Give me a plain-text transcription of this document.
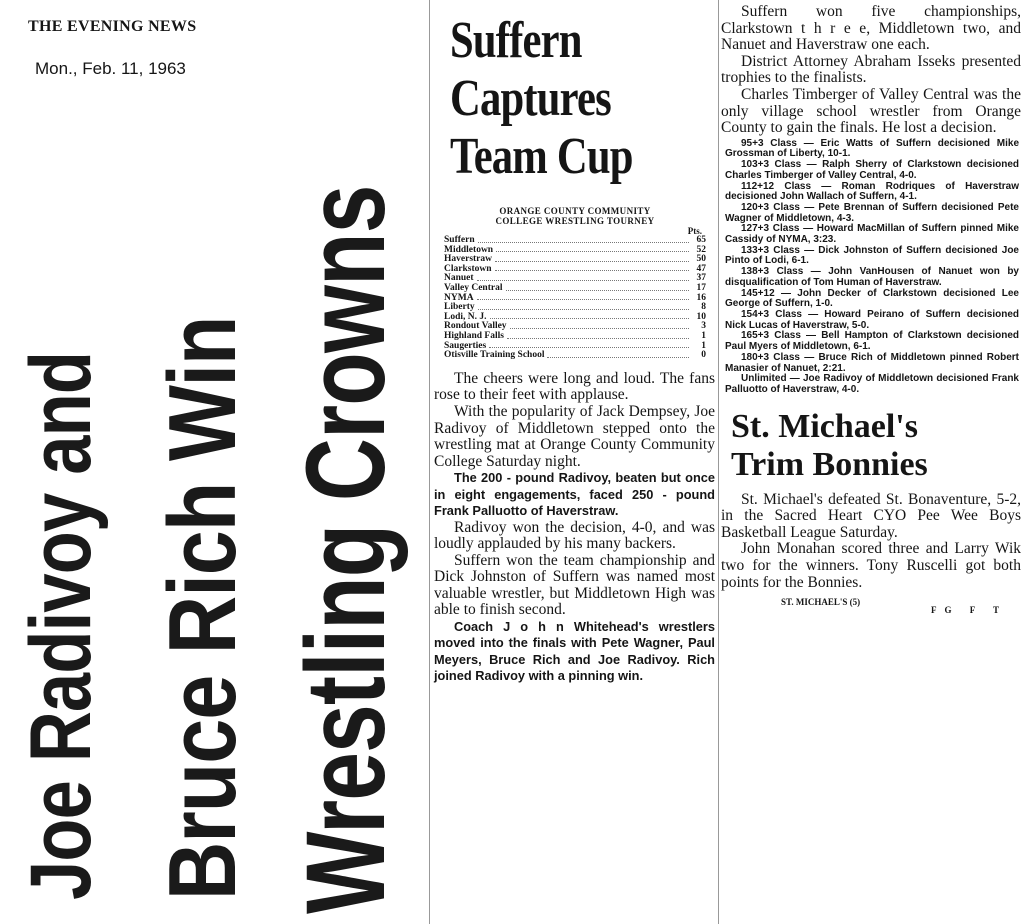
THE EVENING NEWS
Mon., Feb. 11, 1963
Joe Radivoy and Bruce Rich Win Wrestling Crowns
Suffern
Captures
Team Cup
ORANGE COUNTY COMMUNITY
COLLEGE WRESTLING TOURNEY
Pts.
Suffern	65
Middletown	52
Haverstraw	50
Clarkstown	47
Nanuet	37
Valley Central	17
NYMA	16
Liberty	8
Lodi, N. J.	10
Rondout Valley	3
Highland Falls	1
Saugerties	1
Otisville Training School	0

The cheers were long and loud. The fans rose to their feet with applause.

With the popularity of Jack Dempsey, Joe Radivoy of Middletown stepped onto the wrestling mat at Orange County Community College Saturday night.

The 200 - pound Radivoy, beaten but once in eight engagements, faced 250 - pound Frank Palluotto of Haverstraw.

Radivoy won the decision, 4-0, and was loudly applauded by his many backers.

Suffern won the team championship and Dick Johnston of Suffern was named most valuable wrestler, but Middletown High was able to finish second.

Coach J o h n Whitehead's wrestlers moved into the finals with Pete Wagner, Paul Meyers, Bruce Rich and Joe Radivoy. Rich joined Radivoy with a pinning win.

Suffern won five championships, Clarkstown t h r e e, Middletown two, and Nanuet and Haverstraw one each.

District Attorney Abraham Isseks presented trophies to the finalists.

Charles Timberger of Valley Central was the only village school wrestler from Orange County to gain the finals. He lost a decision.

95+3 Class — Eric Watts of Suffern decisioned Mike Grossman of Liberty, 10-1.

103+3 Class — Ralph Sherry of Clarkstown decisioned Charles Timberger of Valley Central, 4-0.

112+12 Class — Roman Rodriques of Haverstraw decisioned John Wallach of Suffern, 4-1.

120+3 Class — Pete Brennan of Suffern decisioned Pete Wagner of Middletown, 4-3.

127+3 Class — Howard MacMillan of Suffern pinned Mike Cassidy of NYMA, 3:23.

133+3 Class — Dick Johnston of Suffern decisioned Joe Pinto of Lodi, 6-1.

138+3 Class — John VanHousen of Nanuet won by disqualification of Tom Human of Haverstraw.

145+12 — John Decker of Clarkstown decisioned Lee George of Suffern, 1-0.

154+3 Class — Howard Peirano of Suffern decisioned Nick Lucas of Haverstraw, 5-0.

165+3 Class — Bell Hampton of Clarkstown decisioned Paul Myers of Middletown, 6-1.

180+3 Class — Bruce Rich of Middletown pinned Robert Manasier of Nanuet, 2:21.

Unlimited — Joe Radivoy of Middletown decisioned Frank Palluotto of Haverstraw, 4-0.

St. Michael's
Trim Bonnies

St. Michael's defeated St. Bonaventure, 5-2, in the Sacred Heart CYO Pee Wee Boys Basketball League Saturday.

John Monahan scored three and Larry Wik two for the winners. Tony Ruscelli got both points for the Bonnies.

ST. MICHAEL'S (5)
FG F T
